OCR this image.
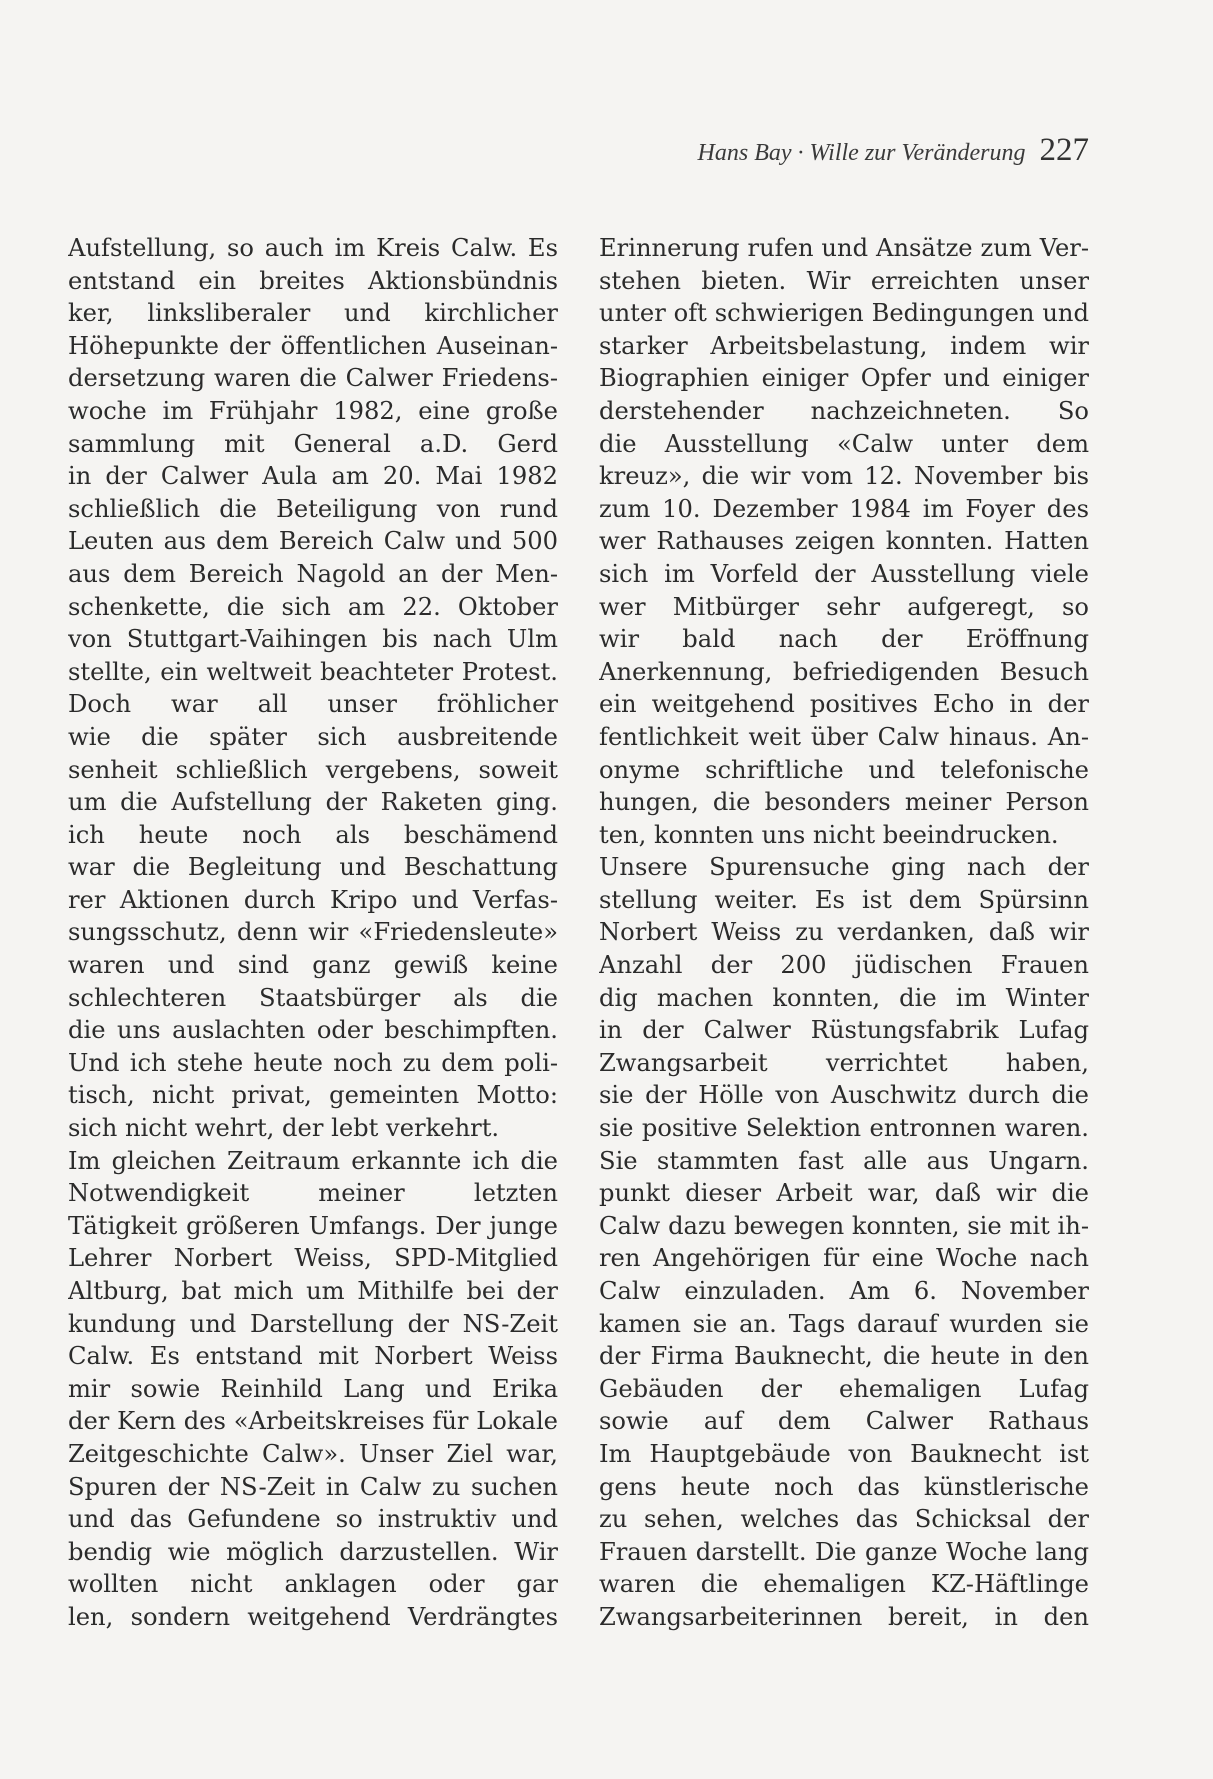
Hans Bay · Wille zur Veränderung 227
Aufstellung, so auch im Kreis Calw. Es
entstand ein breites Aktionsbündnis
ker, linksliberaler und kirchlicher
Höhepunkte der öffentlichen Auseinan-
dersetzung waren die Calwer Friedens-
woche im Frühjahr 1982, eine große
sammlung mit General a.D. Gerd
in der Calwer Aula am 20. Mai 1982
schließlich die Beteiligung von rund
Leuten aus dem Bereich Calw und 500
aus dem Bereich Nagold an der Men-
schenkette, die sich am 22. Oktober
von Stuttgart-Vaihingen bis nach Ulm
stellte, ein weltweit beachteter Protest.
Doch war all unser fröhlicher
wie die später sich ausbreitende
senheit schließlich vergebens, soweit
um die Aufstellung der Raketen ging.
ich heute noch als beschämend
war die Begleitung und Beschattung
rer Aktionen durch Kripo und Verfas-
sungsschutz, denn wir «Friedensleute»
waren und sind ganz gewiß keine
schlechteren Staatsbürger als die
die uns auslachten oder beschimpften.
Und ich stehe heute noch zu dem poli-
tisch, nicht privat, gemeinten Motto:
sich nicht wehrt, der lebt verkehrt.
Im gleichen Zeitraum erkannte ich die
Notwendigkeit meiner letzten
Tätigkeit größeren Umfangs. Der junge
Lehrer Norbert Weiss, SPD-Mitglied
Altburg, bat mich um Mithilfe bei der
kundung und Darstellung der NS-Zeit
Calw. Es entstand mit Norbert Weiss
mir sowie Reinhild Lang und Erika
der Kern des «Arbeitskreises für Lokale
Zeitgeschichte Calw». Unser Ziel war,
Spuren der NS-Zeit in Calw zu suchen
und das Gefundene so instruktiv und
bendig wie möglich darzustellen. Wir
wollten nicht anklagen oder gar
len, sondern weitgehend Verdrängtes
Erinnerung rufen und Ansätze zum Ver-
stehen bieten. Wir erreichten unser
unter oft schwierigen Bedingungen und
starker Arbeitsbelastung, indem wir
Biographien einiger Opfer und einiger
derstehender nachzeichneten. So
die Ausstellung «Calw unter dem
kreuz», die wir vom 12. November bis
zum 10. Dezember 1984 im Foyer des
wer Rathauses zeigen konnten. Hatten
sich im Vorfeld der Ausstellung viele
wer Mitbürger sehr aufgeregt, so
wir bald nach der Eröffnung
Anerkennung, befriedigenden Besuch
ein weitgehend positives Echo in der
fentlichkeit weit über Calw hinaus. An-
onyme schriftliche und telefonische
hungen, die besonders meiner Person
ten, konnten uns nicht beeindrucken.
Unsere Spurensuche ging nach der
stellung weiter. Es ist dem Spürsinn
Norbert Weiss zu verdanken, daß wir
Anzahl der 200 jüdischen Frauen
dig machen konnten, die im Winter
in der Calwer Rüstungsfabrik Lufag
Zwangsarbeit verrichtet haben,
sie der Hölle von Auschwitz durch die
sie positive Selektion entronnen waren.
Sie stammten fast alle aus Ungarn.
punkt dieser Arbeit war, daß wir die
Calw dazu bewegen konnten, sie mit ih-
ren Angehörigen für eine Woche nach
Calw einzuladen. Am 6. November
kamen sie an. Tags darauf wurden sie
der Firma Bauknecht, die heute in den
Gebäuden der ehemaligen Lufag
sowie auf dem Calwer Rathaus
Im Hauptgebäude von Bauknecht ist
gens heute noch das künstlerische
zu sehen, welches das Schicksal der
Frauen darstellt. Die ganze Woche lang
waren die ehemaligen KZ-Häftlinge
Zwangsarbeiterinnen bereit, in den
